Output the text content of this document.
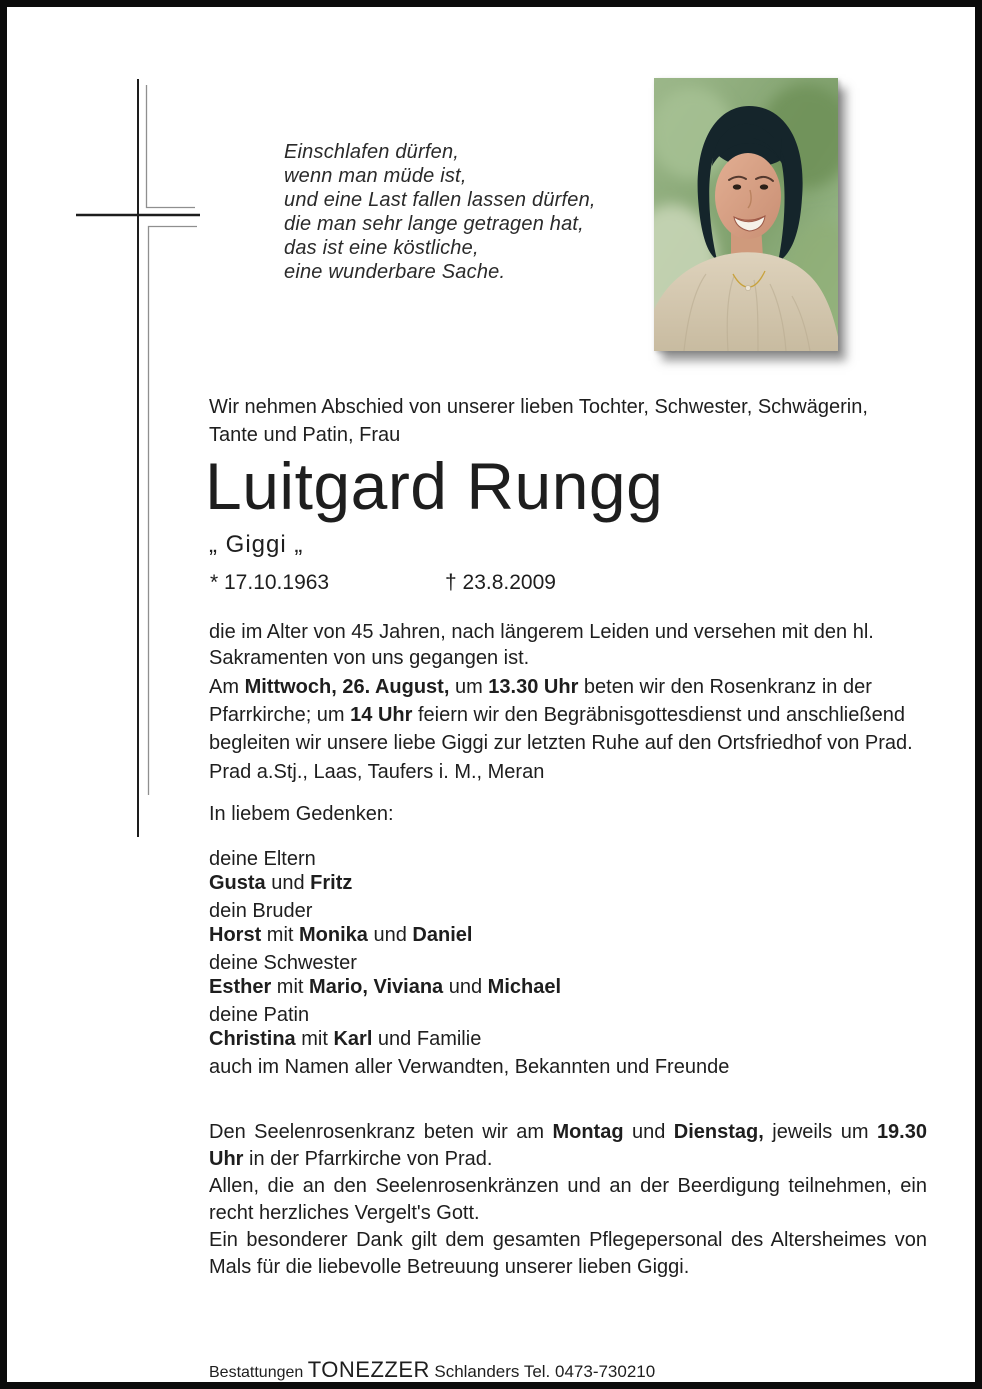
Einschlafen dürfen,
wenn man müde ist,
und eine Last fallen lassen dürfen,
die man sehr lange getragen hat,
das ist eine köstliche,
eine wunderbare Sache.
Wir nehmen Abschied von unserer lieben Tochter, Schwester, Schwägerin, Tante und Patin, Frau
Luitgard Rungg
„ Giggi „
* 17.10.1963	† 23.8.2009
die im Alter von 45 Jahren, nach längerem Leiden und versehen mit den hl. Sakramenten von uns gegangen ist.
Am Mittwoch, 26. August, um 13.30 Uhr beten wir den Rosenkranz in der Pfarrkirche; um 14 Uhr feiern wir den Begräbnisgottesdienst und anschließend begleiten wir unsere liebe Giggi zur letzten Ruhe auf den Ortsfriedhof von Prad.
Prad a.Stj., Laas, Taufers i. M., Meran
In liebem Gedenken:
deine Eltern
Gusta und Fritz
dein Bruder
Horst mit Monika und Daniel
deine Schwester
Esther mit Mario, Viviana und Michael
deine Patin
Christina mit Karl und Familie
auch im Namen aller Verwandten, Bekannten und Freunde
Den Seelenrosenkranz beten wir am Montag und Dienstag, jeweils um 19.30 Uhr in der Pfarrkirche von Prad.
Allen, die an den Seelenrosenkränzen und an der Beerdigung teilnehmen, ein recht herzliches Vergelt's Gott.
Ein besonderer Dank gilt dem gesamten Pflegepersonal des Altersheimes von Mals für die liebevolle Betreuung unserer lieben Giggi.
Bestattungen TONEZZER Schlanders Tel. 0473-730210
